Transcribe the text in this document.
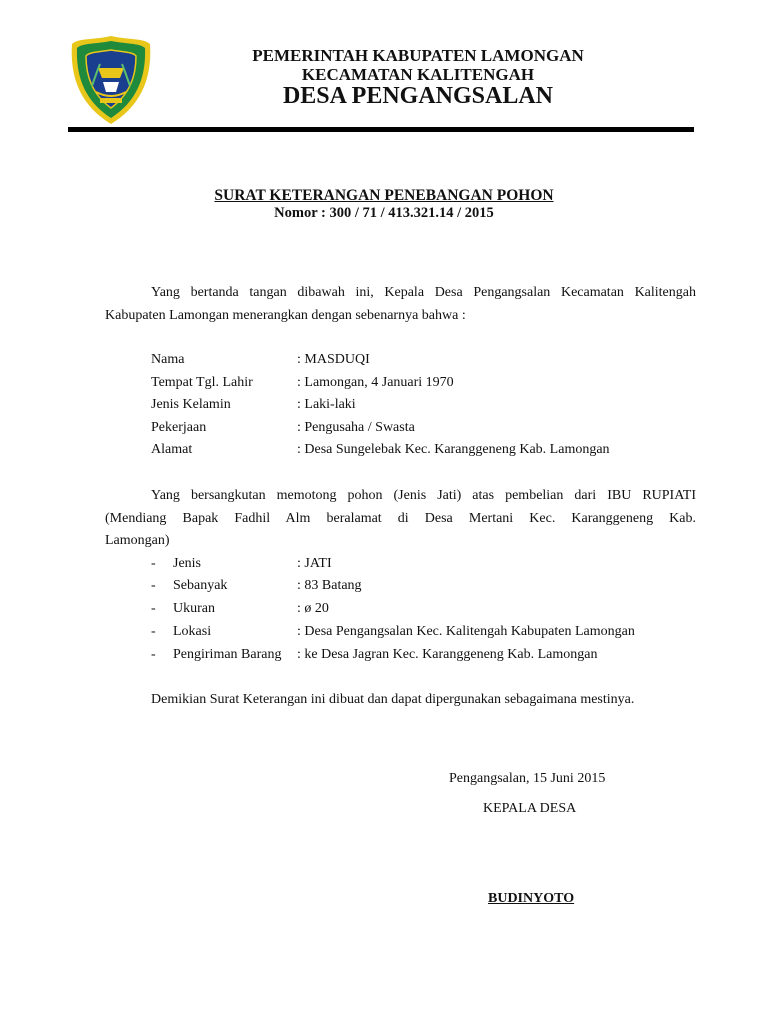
PEMERINTAH KABUPATEN LAMONGAN
KECAMATAN KALITENGAH
DESA PENGANGSALAN
SURAT KETERANGAN PENEBANGAN POHON
Nomor : 300 / 71 / 413.321.14 / 2015
Yang bertanda tangan dibawah ini, Kepala Desa Pengangsalan Kecamatan Kalitengah
Kabupaten Lamongan menerangkan dengan sebenarnya bahwa :
Nama	: MASDUQI
Tempat Tgl. Lahir	: Lamongan, 4 Januari 1970
Jenis Kelamin	: Laki-laki
Pekerjaan	: Pengusaha / Swasta
Alamat	: Desa Sungelebak Kec. Karanggeneng Kab. Lamongan
Yang bersangkutan memotong pohon (Jenis Jati) atas pembelian dari IBU RUPIATI
(Mendiang Bapak Fadhil Alm beralamat di Desa Mertani Kec. Karanggeneng Kab.
Lamongan)
- Jenis	: JATI
- Sebanyak	: 83 Batang
- Ukuran	: ø 20
- Lokasi	: Desa Pengangsalan Kec. Kalitengah Kabupaten Lamongan
- Pengiriman Barang : ke Desa Jagran Kec. Karanggeneng Kab. Lamongan
Demikian Surat Keterangan ini dibuat dan dapat dipergunakan sebagaimana mestinya.
Pengangsalan, 15 Juni 2015
KEPALA DESA
BUDINYOTO
